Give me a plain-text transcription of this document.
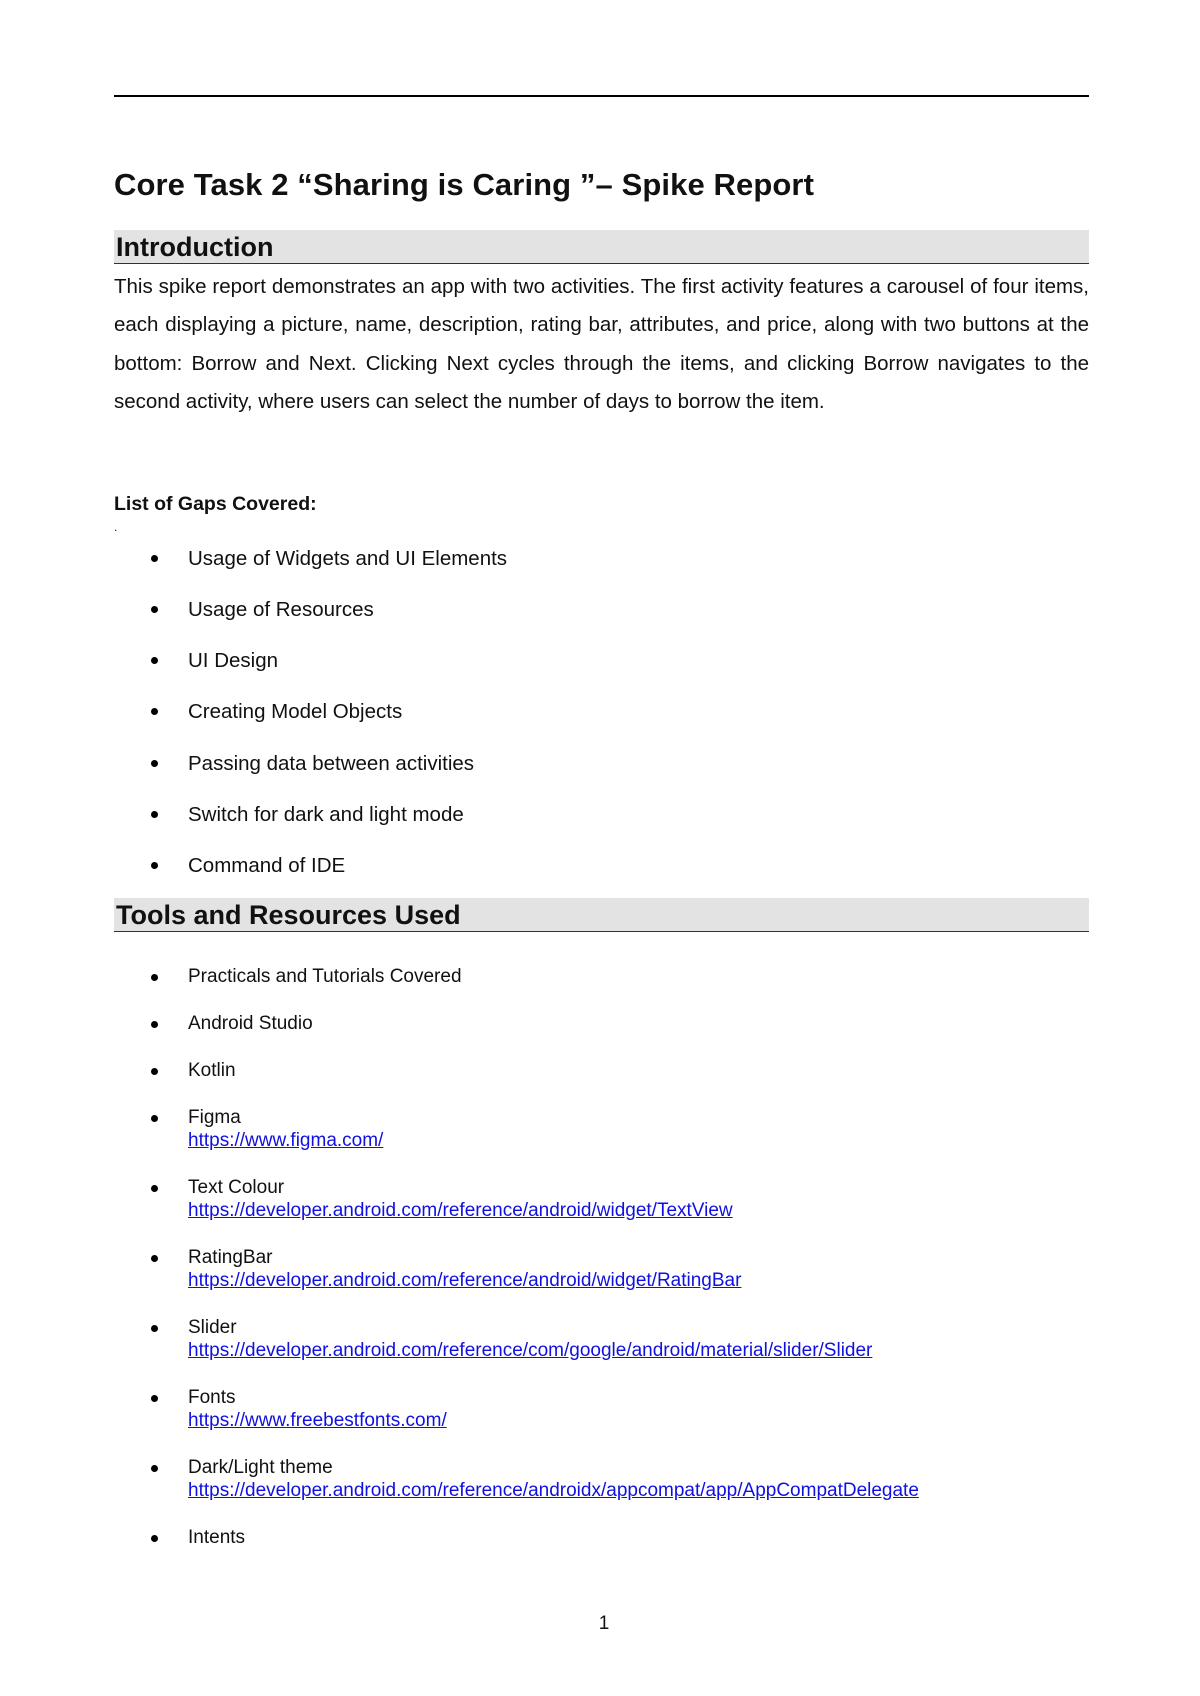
Core Task 2 “Sharing is Caring ”– Spike Report
Introduction

This spike report demonstrates an app with two activities. The first activity features a carousel of four items, each displaying a picture, name, description, rating bar, attributes, and price, along with two buttons at the bottom: Borrow and Next. Clicking Next cycles through the items, and clicking Borrow navigates to the second activity, where users can select the number of days to borrow the item.

List of Gaps Covered:

.
Usage of Widgets and UI Elements
Usage of Resources
UI Design
Creating Model Objects
Passing data between activities
Switch for dark and light mode
Command of IDE
Tools and Resources Used
Practicals and Tutorials Covered
Android Studio
Kotlin
Figma
https://www.figma.com/
Text Colour
https://developer.android.com/reference/android/widget/TextView
RatingBar
https://developer.android.com/reference/android/widget/RatingBar
Slider
https://developer.android.com/reference/com/google/android/material/slider/Slider
Fonts
https://www.freebestfonts.com/
Dark/Light theme
https://developer.android.com/reference/androidx/appcompat/app/AppCompatDelegate
Intents
1
